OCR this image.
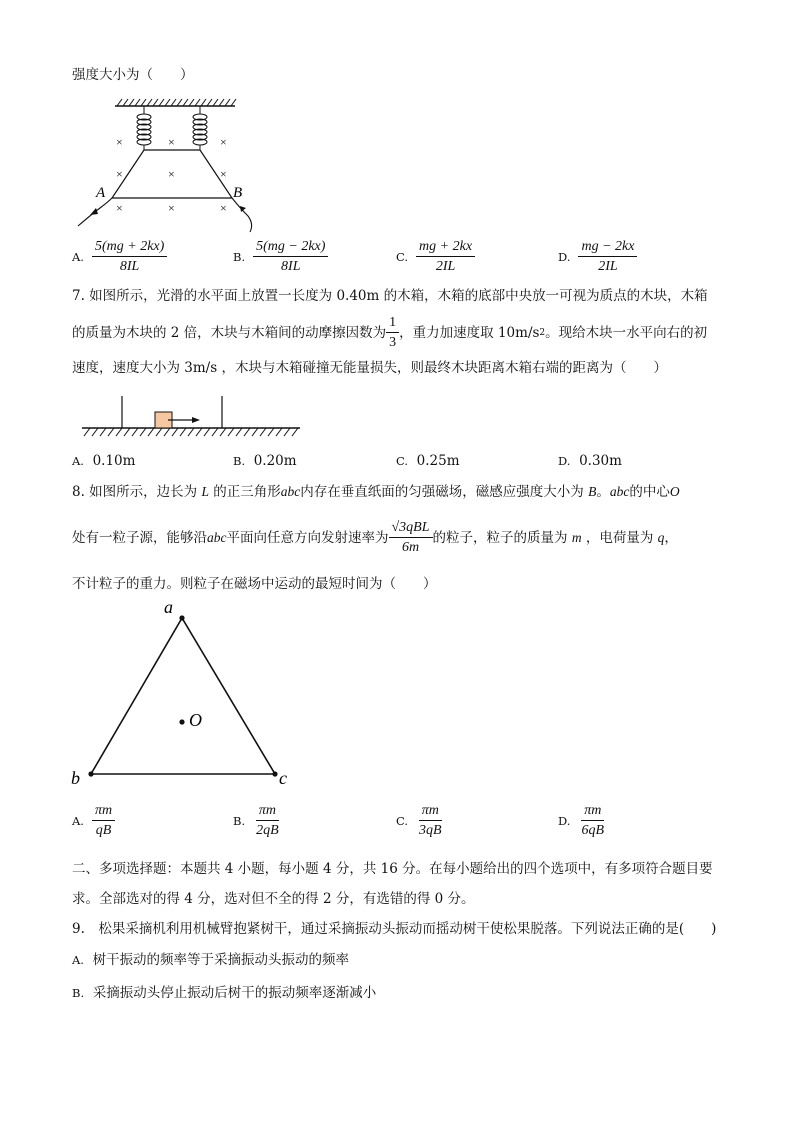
强度大小为（　　）
A	B
×	×	×
×	×	×
×	×	×
A. $\frac{5(mg + 2kx)}{8IL}$	B. $\frac{5(mg - 2kx)}{8IL}$	C. $\frac{mg + 2kx}{2IL}$	D. $\frac{mg - 2kx}{2IL}$
7. 如图所示，光滑的水平面上放置一长度为 0.40m 的木箱，木箱的底部中央放一可视为质点的木块，木箱
的质量为木块的 2 倍，木块与木箱间的动摩擦因数为 $\frac{1}{3}$ ，重力加速度取 10m/s 2 。现给木块一水平向右的初
速度，速度大小为 3m/s ，木块与木箱碰撞无能量损失，则最终木块距离木箱右端的距离为（　　）
A. 0.10m	B. 0.20m	C. 0.25m	D. 0.30m
8. 如图所示，边长为 L 的正三角形abc内存在垂直纸面的匀强磁场，磁感应强度大小为 B。abc的中心O
处有一粒子源，能够沿 abc 平面向任意方向发射速率为 $\frac{\text{√3qBL}}{6m}$ 的粒子，粒子的质量为
m
，电荷量为
q ，
不计粒子的重力。则粒子在磁场中运动的最短时间为（　　）
a
b	c
O
A. $\frac{\pi m}{qB}$	B. $\frac{\pi m}{2qB}$	C. $\frac{\pi m}{3qB}$	D. $\frac{\pi m}{6qB}$
二、多项选择题：本题共 4 小题，每小题 4 分，共 16 分。在每小题给出的四个选项中，有多项符合题目要
求。全部选对的得 4 分，选对但不全的得 2 分，有选错的得 0 分。
9.　松果采摘机利用机械臂抱紧树干，通过采摘振动头振动而摇动树干使松果脱落。下列说法正确的是(　　)
A. 树干振动的频率等于采摘振动头振动的频率
B. 采摘振动头停止振动后树干的振动频率逐渐减小
